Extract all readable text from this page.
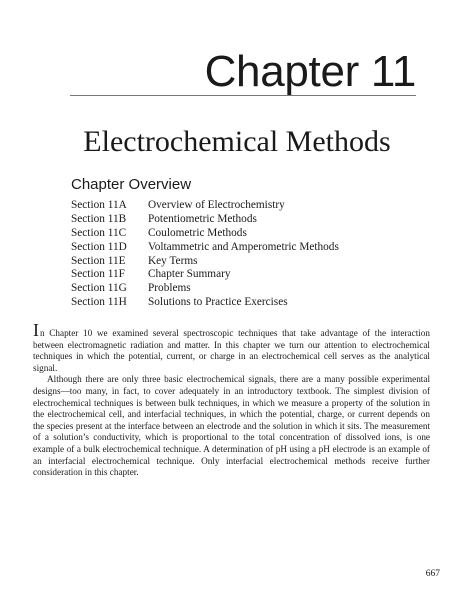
Chapter 11
Electrochemical Methods
Chapter Overview
Section 11A	Overview of Electrochemistry
Section 11B	Potentiometric Methods
Section 11C	Coulometric Methods
Section 11D	Voltammetric and Amperometric Methods
Section 11E	Key Terms
Section 11F	Chapter Summary
Section 11G	Problems
Section 11H	Solutions to Practice Exercises

In Chapter 10 we examined several spectroscopic techniques that take advantage of the interaction between electromagnetic radiation and matter. In this chapter we turn our attention to electrochemical techniques in which the potential, current, or charge in an electrochemical cell serves as the analytical signal.

Although there are only three basic electrochemical signals, there are a many possible experimental designs—too many, in fact, to cover adequately in an introductory textbook. The simplest division of electrochemical techniques is between bulk techniques, in which we measure a property of the solution in the electrochemical cell, and interfacial techniques, in which the potential, charge, or current depends on the species present at the interface between an electrode and the solution in which it sits. The measurement of a solution’s conductivity, which is proportional to the total concentration of dissolved ions, is one example of a bulk electrochemical technique. A determination of pH using a pH electrode is an example of an interfacial electrochemical technique. Only interfacial electrochemical methods receive further consideration in this chapter.

667
